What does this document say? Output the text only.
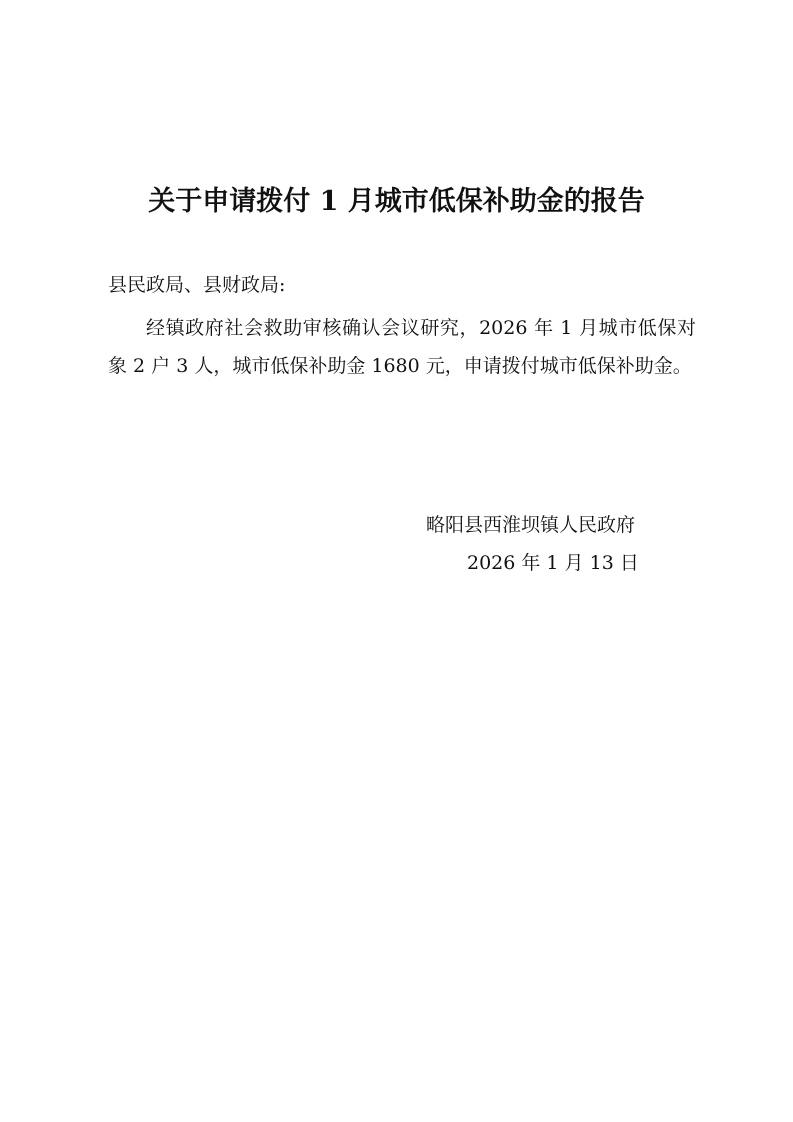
关于申请拨付 1 月城市低保补助金的报告
县民政局、县财政局:

经镇政府社会救助审核确认会议研究，2026 年 1 月城市低保对象 2 户 3 人，城市低保补助金 1680 元，申请拨付城市低保补助金。

略阳县西淮坝镇人民政府
2026 年 1 月 13 日
